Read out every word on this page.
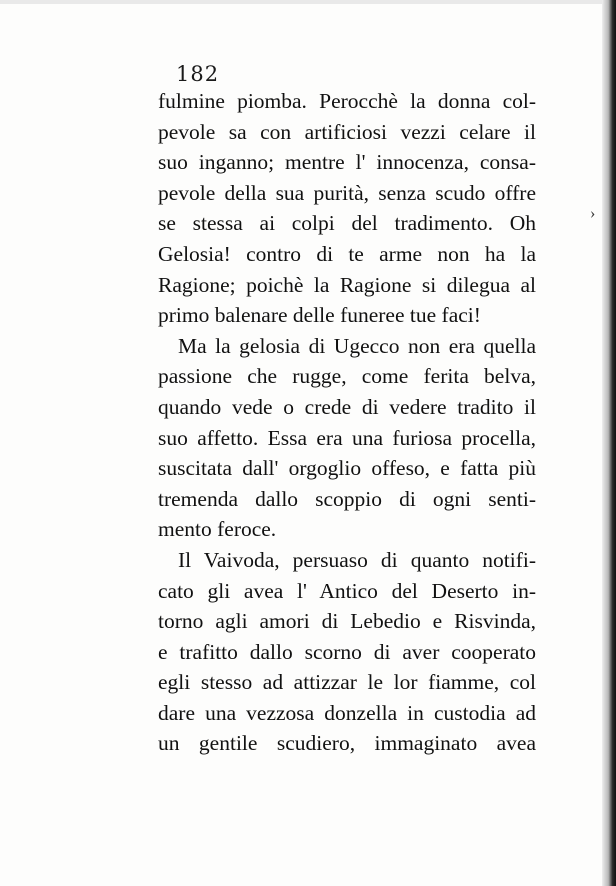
182
fulmine piomba. Perocchè la donna col-
pevole sa con artificiosi vezzi celare il
suo inganno; mentre l' innocenza, consa-
pevole della sua purità, senza scudo offre
se stessa ai colpi del tradimento. Oh
Gelosia! contro di te arme non ha la
Ragione; poichè la Ragione si dilegua al
primo balenare delle funeree tue faci!
Ma la gelosia di Ugecco non era quella
passione che rugge, come ferita belva,
quando vede o crede di vedere tradito il
suo affetto. Essa era una furiosa procella,
suscitata dall' orgoglio offeso, e fatta più
tremenda dallo scoppio di ogni senti-
mento feroce.
Il Vaivoda, persuaso di quanto notifi-
cato gli avea l' Antico del Deserto in-
torno agli amori di Lebedio e Risvinda,
e trafitto dallo scorno di aver cooperato
egli stesso ad attizzar le lor fiamme, col
dare una vezzosa donzella in custodia ad
un gentile scudiero, immaginato avea
›
